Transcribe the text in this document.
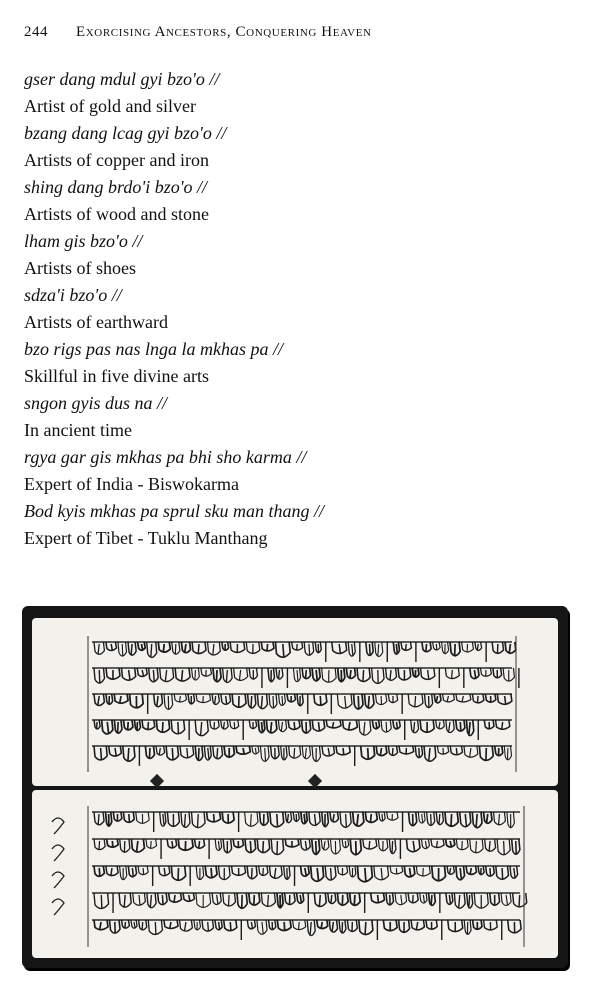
244	Exorcising Ancestors, Conquering Heaven
gser dang mdul gyi bzo'o //
Artist of gold and silver
bzang dang lcag gyi bzo'o //
Artists of copper and iron
shing dang brdo'i bzo'o //
Artists of wood and stone
lham gis bzo'o //
Artists of shoes
sdza'i bzo'o //
Artists of earthward
bzo rigs pas nas lnga la mkhas pa //
Skillful in five divine arts
sngon gyis dus na //
In ancient time
rgya gar gis mkhas pa bhi sho karma //
Expert of India - Biswokarma
Bod kyis mkhas pa sprul sku man thang //
Expert of Tibet - Tuklu Manthang
